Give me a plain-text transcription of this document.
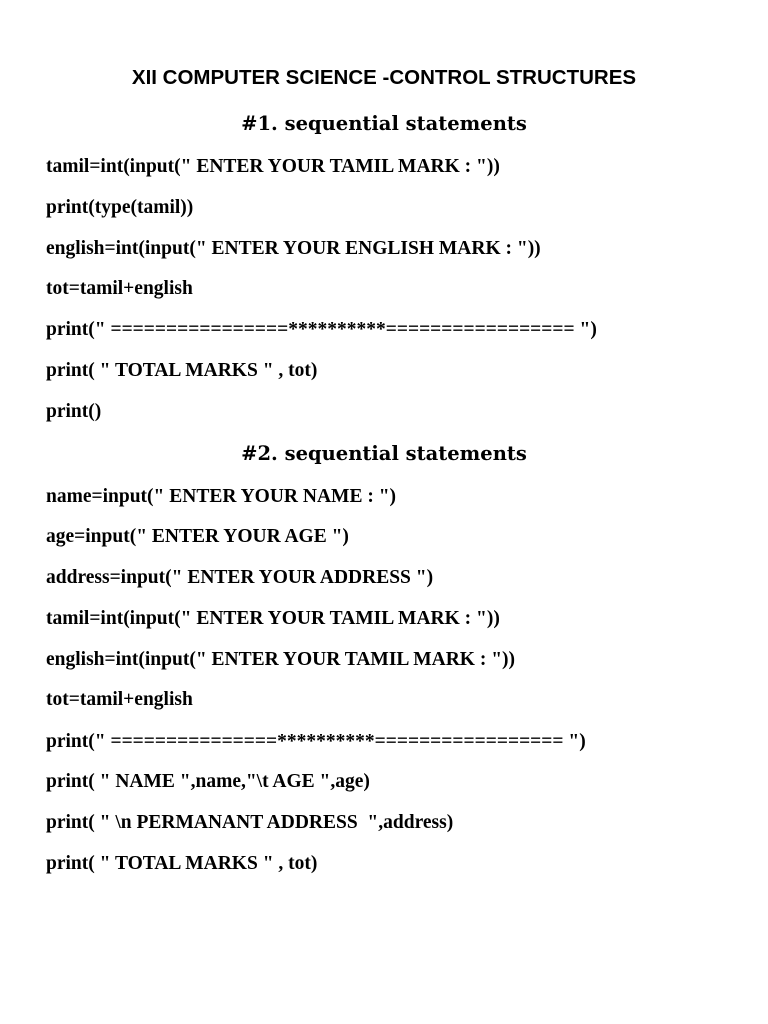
XII COMPUTER SCIENCE -CONTROL STRUCTURES
#1. sequential statements
tamil=int(input(" ENTER YOUR TAMIL MARK : "))
print(type(tamil))
english=int(input(" ENTER YOUR ENGLISH MARK : "))
tot=tamil+english
print(" ================**********================= ")
print( " TOTAL MARKS " , tot)
print()
#2. sequential statements
name=input(" ENTER YOUR NAME : ")
age=input(" ENTER YOUR AGE ")
address=input(" ENTER YOUR ADDRESS ")
tamil=int(input(" ENTER YOUR TAMIL MARK : "))
english=int(input(" ENTER YOUR TAMIL MARK : "))
tot=tamil+english
print(" ===============**********================= ")
print( " NAME ",name,"\t AGE ",age)
print( " \n PERMANANT ADDRESS  ",address)
print( " TOTAL MARKS " , tot)
